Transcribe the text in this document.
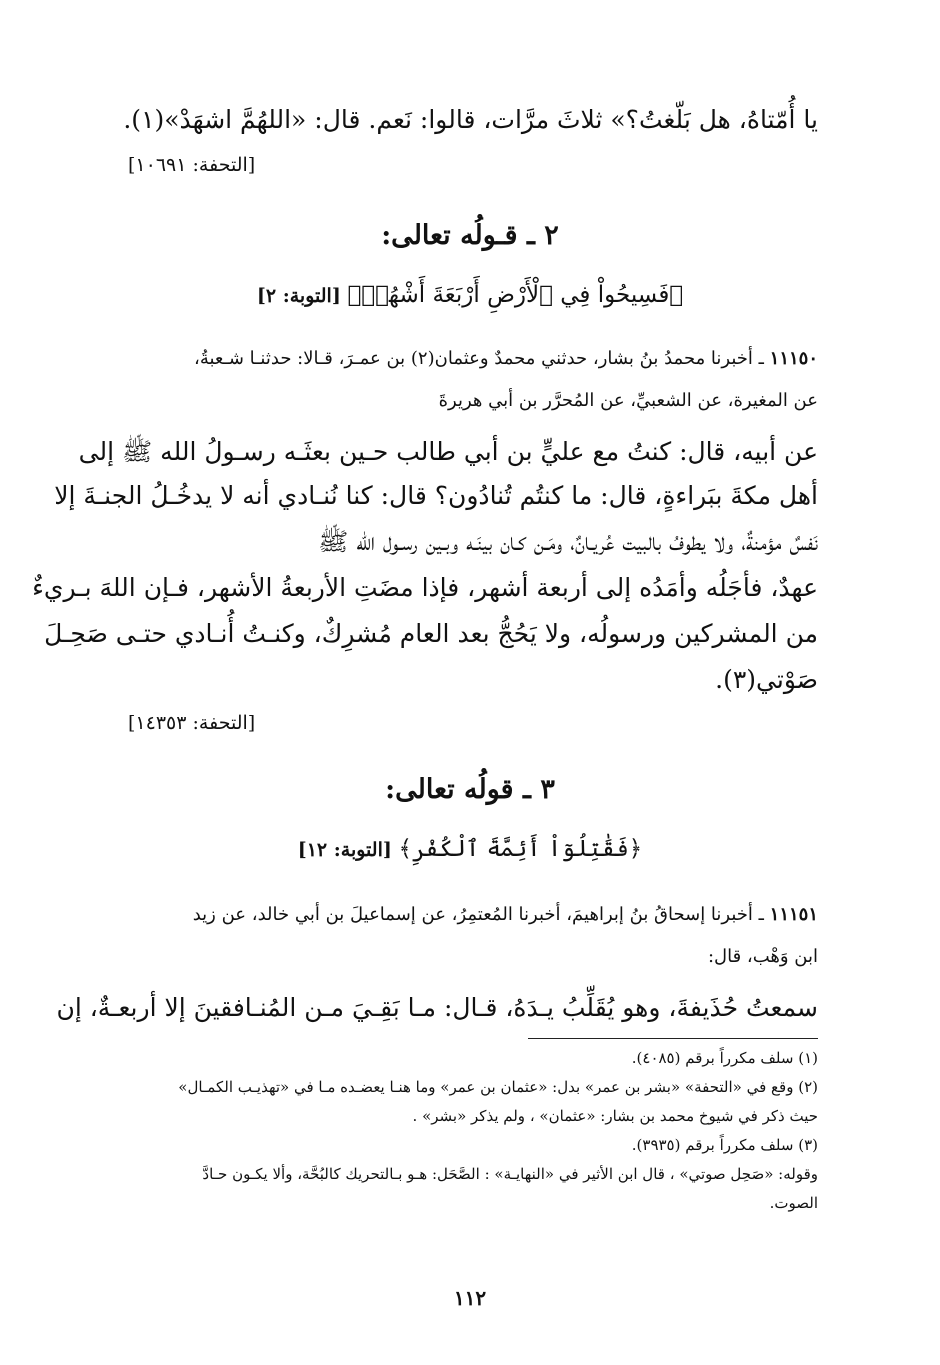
يا أُمّتاهُ، هل بَلّغتُ؟» ثلاثَ مرَّات، قالوا: نَعم. قال: «اللهُمَّ اشهَدْ»(١).
[التحفة: ١٠٦٩١]
٢ ـ قـولُه تعالى:
﴿فَسِيحُواْ فِي ٱلْأَرْضِ أَرْبَعَةَ أَشْهُرٖ﴾ [التوبة: ٢]
١١١٥٠ ـ أخبرنا محمدُ بنُ بشار، حدثني محمدٌ وعثمان(٢) بن عمـرَ، قـالا: حدثنـا شـعبةُ،
عن المغيرة، عن الشعبيِّ، عن المُحرَّر بن أبي هريرةَ
عن أبيه، قال: كنتُ مع عليٍّ بن أبي طالب حـين بعثَـه رسـولُ الله ﷺ إلى
أهل مكةَ ببَراءةٍ، قال: ما كنتُم تُنادُون؟ قال: كنا نُنـادي أنه لا يدخُـلُ الجنـةَ إلا
نَفسٌ مؤمنةٌ، ولا يطوفُ بالبيت عُريـانٌ، ومَـن كـان بينَـه وبـين رسـول الله ﷺ
عهدٌ، فأجَلُه وأمَدُه إلى أربعة أشهر، فإذا مضَتِ الأربعةُ الأشهر، فـإن اللهَ بـريءٌ
من المشركين ورسولُه، ولا يَحُجُّ بعد العام مُشرِكٌ، وكنـتُ أُنـادي حتـى صَحِـلَ
صَوْتي(٣).
[التحفة: ١٤٣٥٣]
٣ ـ قولُه تعالى:
﴿فَقَٰتِلُوٓاْ أَئِمَّةَ ٱلْكُفْرِ﴾ [التوبة: ١٢]
١١١٥١ ـ أخبرنا إسحاقُ بنُ إبراهيمَ، أخبرنا المُعتمِرُ، عن إسماعيلَ بن أبي خالد، عن زيد
ابن وَهْب، قال:
سمعتُ حُذَيفةَ، وهو يُقَلِّبُ يـدَهُ، قـال: مـا بَقِـيَ مـن المُنـافقينَ إلا أربعـةٌ، إن

(١) سلف مكرراً برقم (٤٠٨٥).

(٢) وقع في «التحفة» «بشر بن عمر» بدل: «عثمان بن عمر» وما هنـا يعضـده مـا في «تهذيـب الكمـال»

حيث ذكر في شيوخ محمد بن بشار: «عثمان» ، ولم يذكر «بشر» .

(٣) سلف مكرراً برقم (٣٩٣٥).

وقوله: «صَحِل صوتي» ، قال ابن الأثير في «النهايـة» : الصَّحَل: هـو بـالتحريك كالبُحَّة، وألا يكـون حـادَّ

الصوت.

١١٢
